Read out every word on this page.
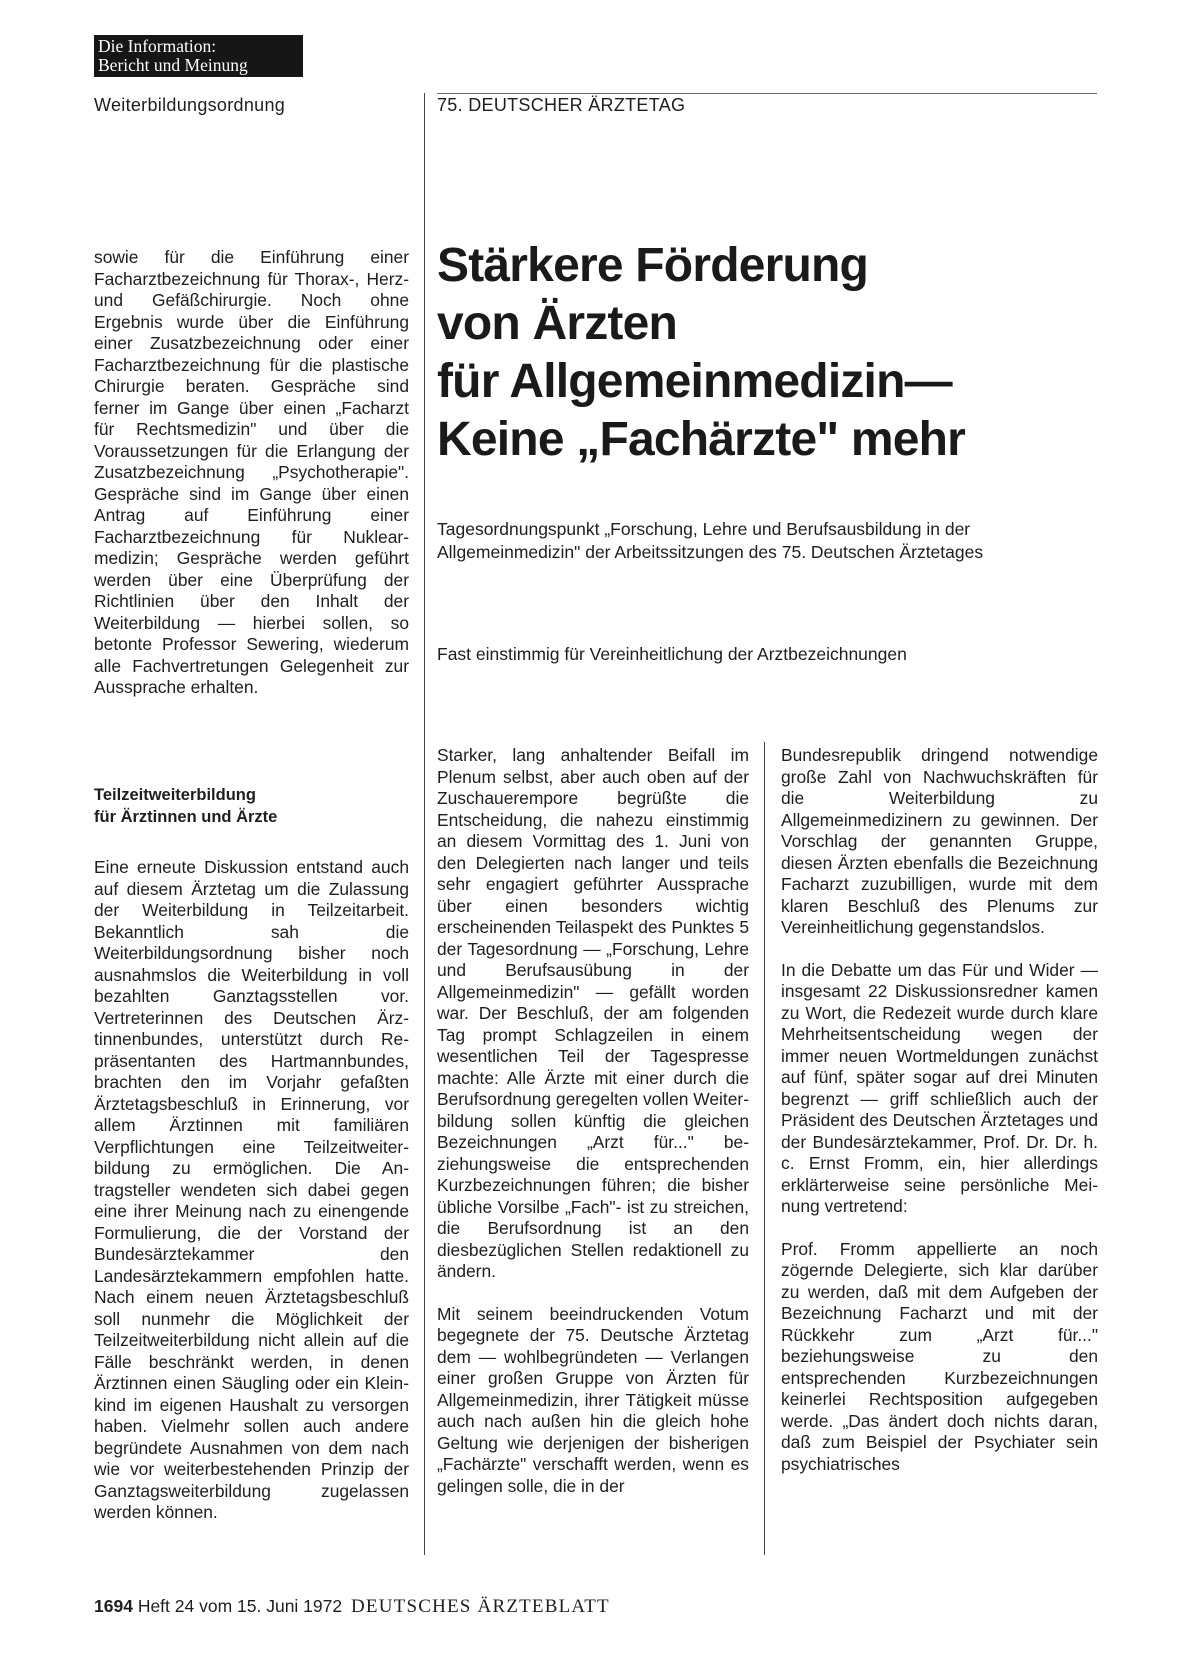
Die Information:
Bericht und Meinung
Weiterbildungsordnung	75. DEUTSCHER ÄRZTETAG

sowie für die Einführung einer Facharztbezeichnung für Thorax-, Herz- und Gefäßchirurgie. Noch ohne Ergebnis wurde über die Einführung einer Zusatzbezeichnung oder einer Facharztbezeichnung für die plastische Chirurgie beraten. Gespräche sind ferner im Gange über einen „Facharzt für Rechtsmedizin" und über die Voraussetzungen für die Erlangung der Zusatzbezeichnung „Psychotherapie". Gespräche sind im Gange über einen Antrag auf Einführung einer Facharztbezeichnung für Nuklearmedizin; Gespräche werden geführt werden über eine Überprüfung der Richtlinien über den Inhalt der Weiterbildung — hierbei sollen, so betonte Professor Sewering, wiederum alle Fachvertretungen Gelegenheit zur Aussprache erhalten.

Teilzeitweiterbildung

für Ärztinnen und Ärzte

Eine erneute Diskussion entstand auch auf diesem Ärztetag um die Zulassung der Weiterbildung in Teilzeitarbeit. Bekanntlich sah die Weiterbildungsordnung bisher noch ausnahmslos die Weiterbildung in voll bezahlten Ganztagsstellen vor. Vertreterinnen des Deutschen Ärztinnenbundes, unterstützt durch Repräsentanten des Hartmannbundes, brachten den im Vorjahr gefaßten Ärztetagsbeschluß in Erinnerung, vor allem Ärztinnen mit familiären Verpflichtungen eine Teilzeitweiterbildung zu ermöglichen. Die Antragsteller wendeten sich dabei gegen eine ihrer Meinung nach zu einengende Formulierung, die der Vorstand der Bundesärztekammer den Landesärztekammern empfohlen hatte. Nach einem neuen Ärztetagsbeschluß soll nunmehr die Möglichkeit der Teilzeitweiterbildung nicht allein auf die Fälle beschränkt werden, in denen Ärztinnen einen Säugling oder ein Kleinkind im eigenen Haushalt zu versorgen haben. Vielmehr sollen auch andere begründete Ausnahmen von dem nach wie vor weiterbestehenden Prinzip der Ganztagsweiterbildung zugelassen werden können.

Stärkere Förderung
von Ärzten
für Allgemeinmedizin—
Keine „Fachärzte" mehr

Tagesordnungspunkt „Forschung, Lehre und Berufsausbildung in der
Allgemeinmedizin" der Arbeitssitzungen des 75. Deutschen Ärztetages

Fast einstimmig für Vereinheitlichung der Arztbezeichnungen

Starker, lang anhaltender Beifall im Plenum selbst, aber auch oben auf der Zuschauerempore begrüßte die Entscheidung, die nahezu einstimmig an diesem Vormittag des 1. Juni von den Delegierten nach langer und teils sehr engagiert geführter Aussprache über einen besonders wichtig erscheinenden Teilaspekt des Punktes 5 der Tagesordnung — „Forschung, Lehre und Berufsausübung in der Allgemeinmedizin" — gefällt worden war. Der Beschluß, der am folgenden Tag prompt Schlagzeilen in einem wesentlichen Teil der Tagespresse machte: Alle Ärzte mit einer durch die Berufsordnung geregelten vollen Weiterbildung sollen künftig die gleichen Bezeichnungen „Arzt für..." beziehungsweise die entsprechenden Kurzbezeichnungen führen; die bisher übliche Vorsilbe „Fach"- ist zu streichen, die Berufsordnung ist an den diesbezüglichen Stellen redaktionell zu ändern.

Mit seinem beeindruckenden Votum begegnete der 75. Deutsche Ärztetag dem — wohlbegründeten — Verlangen einer großen Gruppe von Ärzten für Allgemeinmedizin, ihrer Tätigkeit müsse auch nach außen hin die gleich hohe Geltung wie derjenigen der bisherigen „Fachärzte" verschafft werden, wenn es gelingen solle, die in der

Bundesrepublik dringend notwendige große Zahl von Nachwuchskräften für die Weiterbildung zu Allgemeinmedizinern zu gewinnen. Der Vorschlag der genannten Gruppe, diesen Ärzten ebenfalls die Bezeichnung Facharzt zuzubilligen, wurde mit dem klaren Beschluß des Plenums zur Vereinheitlichung gegenstandslos.

In die Debatte um das Für und Wider — insgesamt 22 Diskussionsredner kamen zu Wort, die Redezeit wurde durch klare Mehrheitsentscheidung wegen der immer neuen Wortmeldungen zunächst auf fünf, später sogar auf drei Minuten begrenzt — griff schließlich auch der Präsident des Deutschen Ärztetages und der Bundesärztekammer, Prof. Dr. Dr. h. c. Ernst Fromm, ein, hier allerdings erklärterweise seine persönliche Meinung vertretend:

Prof. Fromm appellierte an noch zögernde Delegierte, sich klar darüber zu werden, daß mit dem Aufgeben der Bezeichnung Facharzt und mit der Rückkehr zum „Arzt für..." beziehungsweise zu den entsprechenden Kurzbezeichnungen keinerlei Rechtsposition aufgegeben werde. „Das ändert doch nichts daran, daß zum Beispiel der Psychiater sein psychiatrisches

1694 Heft 24 vom 15. Juni 1972 DEUTSCHES ÄRZTEBLATT
